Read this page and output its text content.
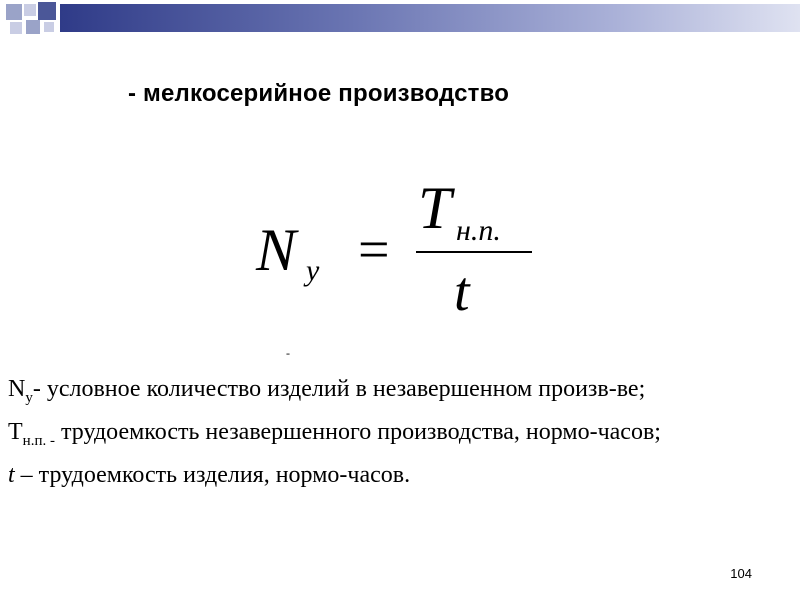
- мелкосерийное производство
N у =
T н.п.
t
-
$N_у-$ условное количество изделий в незавершенном произв-ве;
$Т_{н.п. -}$ трудоемкость незавершенного производства, нормо-часов;
t – трудоемкость изделия, нормо-часов.
104
